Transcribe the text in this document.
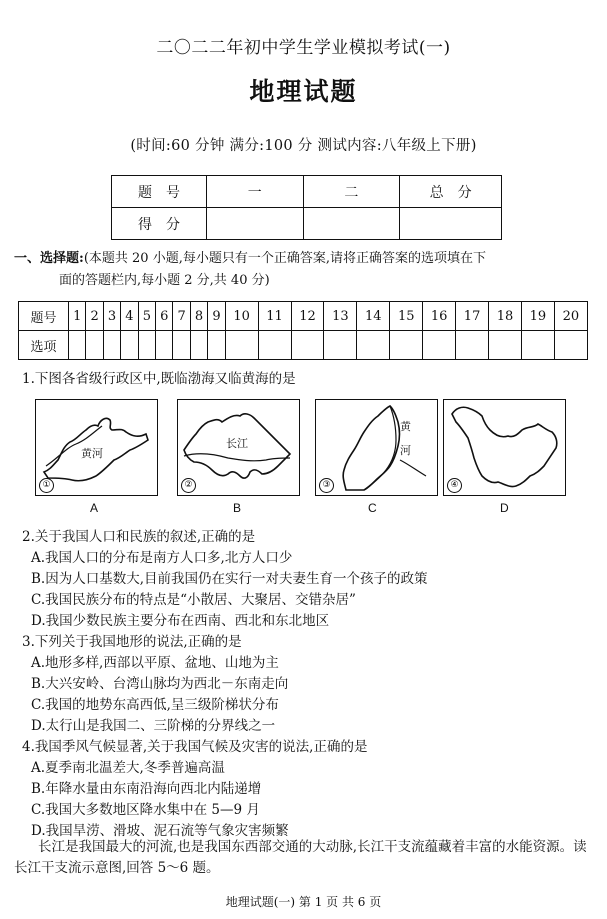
二〇二二年初中学生学业模拟考试(一)
地理试题
(时间:60 分钟 满分:100 分 测试内容:八年级上下册)
题　号	一	二	总　分
得　分			
一、选择题:(本题共 20 小题,每小题只有一个正确答案,请将正确答案的选项填在下
面的答题栏内,每小题 2 分,共 40 分)
题号	1	2	3	4	5	6	7	8	9	10	11	12	13	14	15	16	17	18	19	20
选项																				
1.下图各省级行政区中,既临渤海又临黄海的是
黄河
①
长江
②
黄
河
③	④
A	B	C	D
2.关于我国人口和民族的叙述,正确的是
A.我国人口的分布是南方人口多,北方人口少
B.因为人口基数大,目前我国仍在实行一对夫妻生育一个孩子的政策
C.我国民族分布的特点是“小散居、大聚居、交错杂居”
D.我国少数民族主要分布在西南、西北和东北地区
3.下列关于我国地形的说法,正确的是
A.地形多样,西部以平原、盆地、山地为主
B.大兴安岭、台湾山脉均为西北－东南走向
C.我国的地势东高西低,呈三级阶梯状分布
D.太行山是我国二、三阶梯的分界线之一
4.我国季风气候显著,关于我国气候及灾害的说法,正确的是
A.夏季南北温差大,冬季普遍高温
B.年降水量由东南沿海向西北内陆递增
C.我国大多数地区降水集中在 5—9 月
D.我国旱涝、滑坡、泥石流等气象灾害频繁
长江是我国最大的河流,也是我国东西部交通的大动脉,长江干支流蕴藏着丰富的水能资源。读长江干支流示意图,回答 5～6 题。
地理试题(一) 第 1 页 共 6 页
